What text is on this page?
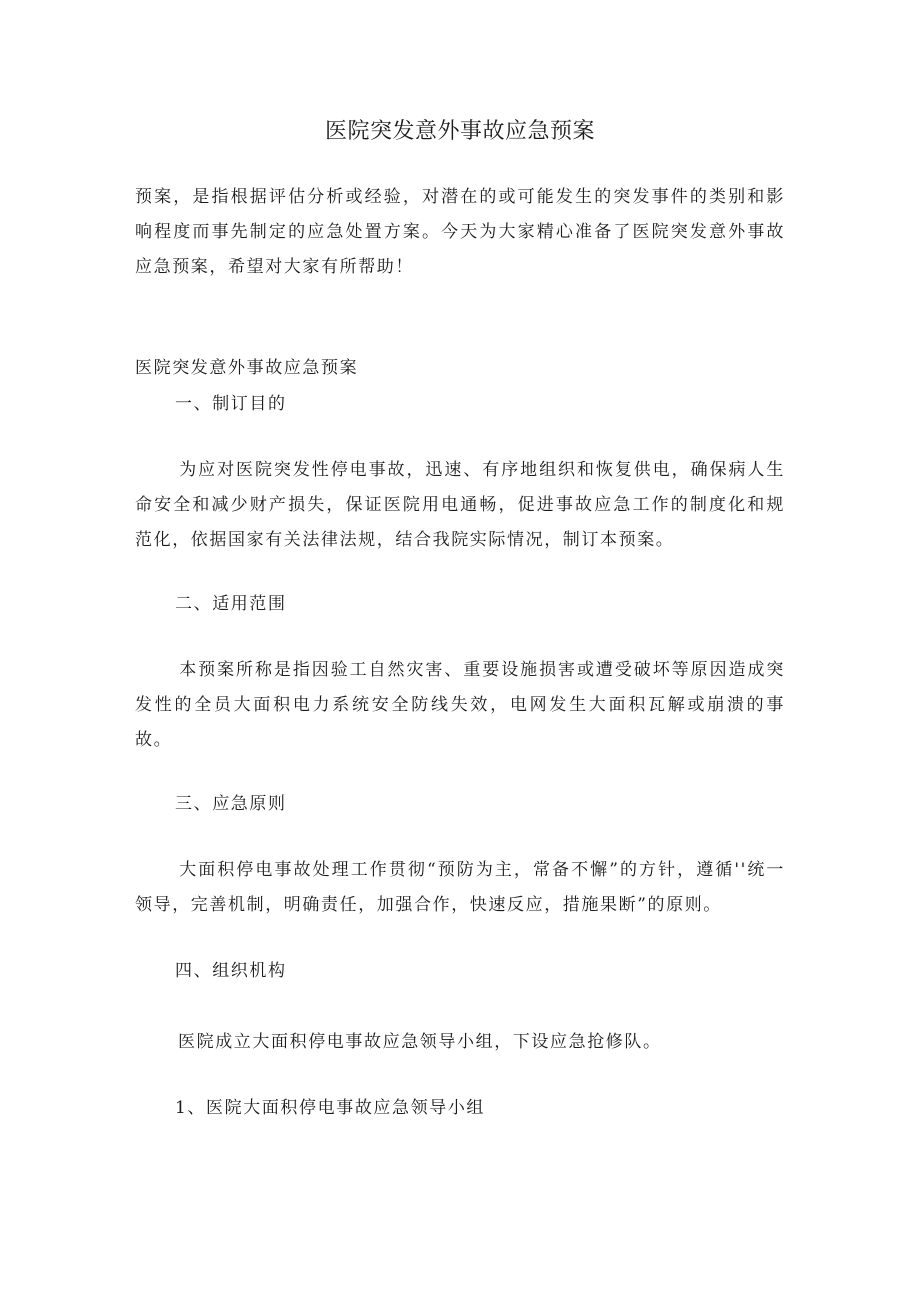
医院突发意外事故应急预案
预案，是指根据评估分析或经验，对潜在的或可能发生的突发事件的类别和影响程度而事先制定的应急处置方案。今天为大家精心准备了医院突发意外事故应急预案，希望对大家有所帮助！
医院突发意外事故应急预案
一、制订目的
为应对医院突发性停电事故，迅速、有序地组织和恢复供电，确保病人生命安全和减少财产损失，保证医院用电通畅，促进事故应急工作的制度化和规范化，依据国家有关法律法规，结合我院实际情况，制订本预案。
二、适用范围
本预案所称是指因验工自然灾害、重要设施损害或遭受破坏等原因造成突发性的全员大面积电力系统安全防线失效，电网发生大面积瓦解或崩溃的事故。
三、应急原则
大面积停电事故处理工作贯彻“预防为主，常备不懈”的方针，遵循''统一领导，完善机制，明确责任，加强合作，快速反应，措施果断”的原则。
四、组织机构
医院成立大面积停电事故应急领导小组，下设应急抢修队。
1、医院大面积停电事故应急领导小组
